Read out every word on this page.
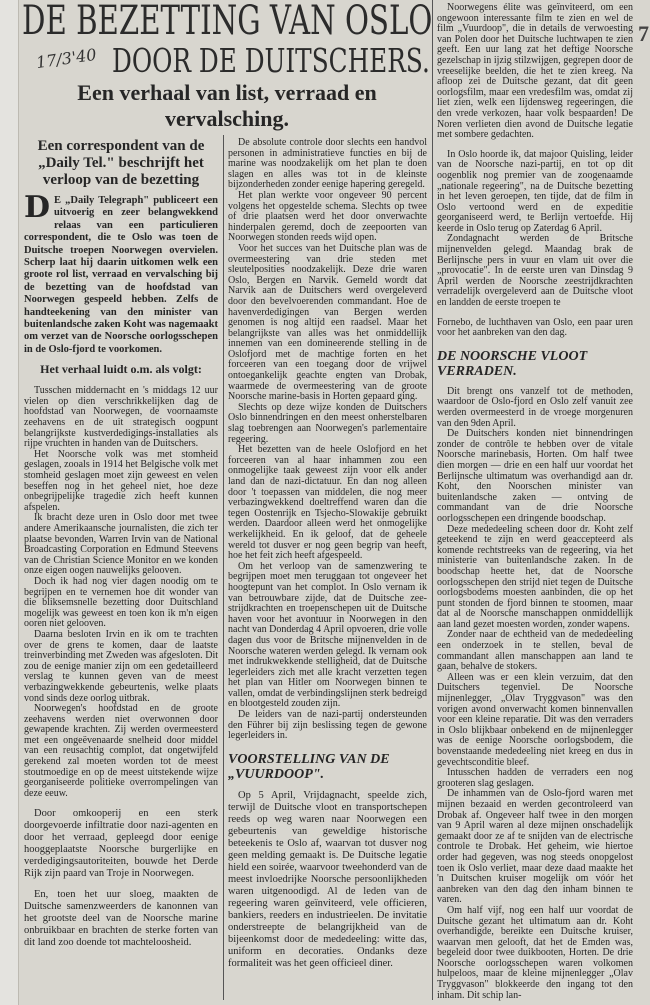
DE BEZETTING VAN OSLO
17/3'40 DOOR DE DUITSCHERS.
Een verhaal van list, verraad en vervalsching.
7
Een correspondent van de „Daily Tel." beschrijft het verloop van de bezetting

D E „Daily Telegraph" publiceert een uitvoerig en zeer belangwekkend relaas van een particulieren correspondent, die te Oslo was toen de Duitsche troepen Noorwegen overvielen. Scherp laat hij daarin uitkomen welk een groote rol list, verraad en vervalsching bij de bezetting van de hoofdstad van Noorwegen gespeeld hebben. Zelfs de handteekening van den minister van buitenlandsche zaken Koht was nagemaakt om verzet van de Noorsche oorlogsschepen in de Oslo-fjord te voorkomen.

Het verhaal luidt o.m. als volgt:

Tusschen middernacht en 's middags 12 uur vielen op dien verschrikkelijken dag de hoofdstad van Noorwegen, de voornaamste zeehavens en de uit strategisch oogpunt belangrijkste kustverdedigings-installaties als rijpe vruchten in handen van de Duitschers.

Het Noorsche volk was met stomheid geslagen, zooals in 1914 het Belgische volk met stomheid geslagen moet zijn geweest en velen beseffen nog in het geheel niet, hoe deze onbegrijpelijke tragedie zich heeft kunnen afspelen.

Ik bracht deze uren in Oslo door met twee andere Amerikaansche journalisten, die zich ter plaatse bevonden, Warren Irvin van de National Broadcasting Corporation en Edmund Steevens van de Christian Science Monitor en we konden onze eigen oogen nauwelijks gelooven.

Doch ik had nog vier dagen noodig om te begrijpen en te vernemen hoe dit wonder van die bliksemsnelle bezetting door Duitschland mogelijk was geweest en toen kon ik m'n eigen ooren niet gelooven.

Daarna besloten Irvin en ik om te trachten over de grens te komen, daar de laatste treinverbinding met Zweden was afgesloten. Dit zou de eenige manier zijn om een gedetailleerd verslag te kunnen geven van de meest verbazingwekkende gebeurtenis, welke plaats vond sinds deze oorlog uitbrak.

Noorwegen's hoofdstad en de groote zeehavens werden niet overwonnen door gewapende krachten. Zij werden overmeesterd met een ongeëvenaarde snelheid door middel van een reusachtig complot, dat ongetwijfeld gerekend zal moeten worden tot de meest stoutmoedige en op de meest uitstekende wijze georganiseerde politieke overrompelingen van deze eeuw.

Door omkooperij en een sterk doorgevoerde infiltratie door nazi-agenten en door het verraad, gepleegd door eenige hooggeplaatste Noorsche burgerlijke en verdedigingsautoriteiten, bouwde het Derde Rijk zijn paard van Troje in Noorwegen.

En, toen het uur sloeg, maakten de Duitsche samenzweerders de kanonnen van het grootste deel van de Noorsche marine onbruikbaar en brachten de sterke forten van dit land zoo doende tot machteloosheid.

De absolute controle door slechts een handvol personen in administratieve functies en bij de marine was noodzakelijk om het plan te doen slagen en alles was tot in de kleinste bijzonderheden zonder eenige hapering geregeld.

Het plan werkte voor ongeveer 90 percent volgens het opgestelde schema. Slechts op twee of drie plaatsen werd het door onverwachte hinderpalen geremd, doch de zeepoorten van Noorwegen stonden reeds wijd open.

Voor het succes van het Duitsche plan was de overmeestering van drie steden met sleutelposities noodzakelijk. Deze drie waren Oslo, Bergen en Narvik. Gemeld wordt dat Narvik aan de Duitschers werd overgeleverd door den bevelvoerenden commandant. Hoe de havenverdedigingen van Bergen werden genomen is nog altijd een raadsel. Maar het belangrijkste van alles was het onmiddellijk innemen van een domineerende stelling in de Oslofjord met de machtige forten en het forceeren van een toegang door de vrijwel ontoegankelijk geachte engten van Drobak, waarmede de overmeestering van de groote Noorsche marine-basis in Horten gepaard ging.

Slechts op deze wijze konden de Duitschers Oslo binnendringen en den meest onherstelbaren slag toebrengen aan Noorwegen's parlementaire regeering.

Het bezetten van de heele Oslofjord en het forceeren van al haar inhammen zou een onmogelijke taak geweest zijn voor elk ander land dan de nazi-dictatuur. En dan nog alleen door 't toepassen van middelen, die nog meer verbazingwekkend doeltreffend waren dan die tegen Oostenrijk en Tsjecho-Slowakije gebruikt werden. Daardoor alleen werd het onmogelijke werkelijkheid. En ik geloof, dat de geheele wereld tot dusver er nog geen begrip van heeft, hoe het feit zich heeft afgespeeld.

Om het verloop van de samenzwering te begrijpen moet men teruggaan tot ongeveer het hoogtepunt van het complot. In Oslo vernam ik van betrouwbare zijde, dat de Duitsche zee-strijdkrachten en troepenschepen uit de Duitsche haven voor het avontuur in Noorwegen in den nacht van Donderdag 4 April opvoeren, drie volle dagen dus voor de Britsche mijnenvelden in de Noorsche wateren werden gelegd. Ik vernam ook met indrukwekkende stelligheid, dat de Duitsche legerleiders zich met alle kracht verzetten tegen het plan van Hitler om Noorwegen binnen te vallen, omdat de verbindingslijnen sterk bedreigd en blootgesteld zouden zijn.

De leiders van de nazi-partij ondersteunden den Führer bij zijn beslissing tegen de gewone legerleiders in.

VOORSTELLING VAN DE „VUURDOOP".

Op 5 April, Vrijdagnacht, speelde zich, terwijl de Duitsche vloot en transportschepen reeds op weg waren naar Noorwegen een gebeurtenis van geweldige historische beteekenis te Oslo af, waarvan tot dusver nog geen melding gemaakt is. De Duitsche legatie hield een soirée, waarvoor tweehonderd van de meest invloedrijke Noorsche persoonlijkheden waren uitgenoodigd. Al de leden van de regeering waren geïnviteerd, vele officieren, bankiers, reeders en industrieelen. De invitatie onderstreepte de belangrijkheid van de bijeenkomst door de mededeeling: witte das, uniform en decoraties. Ondanks deze formaliteit was het geen officieel diner.

Noorwegens élite was geïnviteerd, om een ongewoon interessante film te zien en wel de film „Vuurdoop", die in details de verwoesting van Polen door het Duitsche luchtwapen te zien geeft. Een uur lang zat het deftige Noorsche gezelschap in ijzig stilzwijgen, gegrepen door de vreeselijke beelden, die het te zien kreeg. Na afloop zei de Duitsche gezant, dat dit geen oorlogsfilm, maar een vredesfilm was, omdat zij liet zien, welk een lijdensweg regeeringen, die den vrede verkozen, haar volk bespaarden! De Noren verlieten dien avond de Duitsche legatie met sombere gedachten.

In Oslo hoorde ik, dat majoor Quisling, leider van de Noorsche nazi-partij, en tot op dit oogenblik nog premier van de zoogenaamde „nationale regeering", na de Duitsche bezetting in het leven geroepen, ten tijde, dat de film in Oslo vertoond werd en de expeditie georganiseerd werd, te Berlijn vertoefde. Hij keerde in Oslo terug op Zaterdag 6 April.

Zondagnacht werden de Britsche mijnenvelden gelegd. Maandag brak de Berlijnsche pers in vuur en vlam uit over die „provocatie". In de eerste uren van Dinsdag 9 April werden de Noorsche zeestrijdkrachten verradelijk overgeleverd aan de Duitsche vloot en landden de eerste troepen te

Fornebo, de luchthaven van Oslo, een paar uren voor het aanbreken van den dag.

DE NOORSCHE VLOOT VERRADEN.

Dit brengt ons vanzelf tot de methoden, waardoor de Oslo-fjord en Oslo zelf vanuit zee werden overmeesterd in de vroege morgenuren van den 9den April.

De Duitschers konden niet binnendringen zonder de contrôle te hebben over de vitale Noorsche marinebasis, Horten. Om half twee dien morgen — drie en een half uur voordat het Berlijnsche ultimatum was overhandigd aan dr. Koht, den Noorschen minister van buitenlandsche zaken — ontving de commandant van de drie Noorsche oorlogsschepen een dringende boodschap.

Deze mededeeling scheen door dr. Koht zelf geteekend te zijn en werd geaccepteerd als komende rechtstreeks van de regeering, via het ministerie van buitenlandsche zaken. In de boodschap heette het, dat de Noorsche oorlogsschepen den strijd niet tegen de Duitsche oorlogsbodems moesten aanbinden, die op het punt stonden de fjord binnen te stoomen, maar dat al de Noorsche manschappen onmiddellijk aan land gezet moesten worden, zonder wapens.

Zonder naar de echtheid van de mededeeling een onderzoek in te stellen, beval de commandant allen manschappen aan land te gaan, behalve de stokers.

Alleen was er een klein verzuim, dat den Duitschers tegenviel. De Noorsche mijnenlegger, „Olav Tryggvason" was den vorigen avond onverwacht komen binnenvallen voor een kleine reparatie. Dit was den verraders in Oslo blijkbaar onbekend en de mijnenlegger was de eenige Noorsche oorlogsbodem, die bovenstaande mededeeling niet kreeg en dus in gevechtsconditie bleef.

Intusschen hadden de verraders een nog grooteren slag geslagen.

De inhammen van de Oslo-fjord waren met mijnen bezaaid en werden gecontroleerd van Drobak af. Ongeveer half twee in den morgen van 9 April waren al deze mijnen onschadelijk gemaakt door ze af te snijden van de electrische controle te Drobak. Het geheim, wie hiertoe order had gegeven, was nog steeds onopgelost toen ik Oslo verliet, maar deze daad maakte het 'n Duitschen kruiser mogelijk om vóór het aanbreken van den dag den inham binnen te varen.

Om half vijf, nog een half uur voordat de Duitsche gezant het ultimatum aan dr. Koht overhandigde, bereikte een Duitsche kruiser, waarvan men gelooft, dat het de Emden was, begeleid door twee duikbooten, Horten. De drie Noorsche oorlogsschepen waren volkomen hulpeloos, maar de kleine mijnenlegger „Olav Tryggvason" blokkeerde den ingang tot den inham. Dit schip lan-
